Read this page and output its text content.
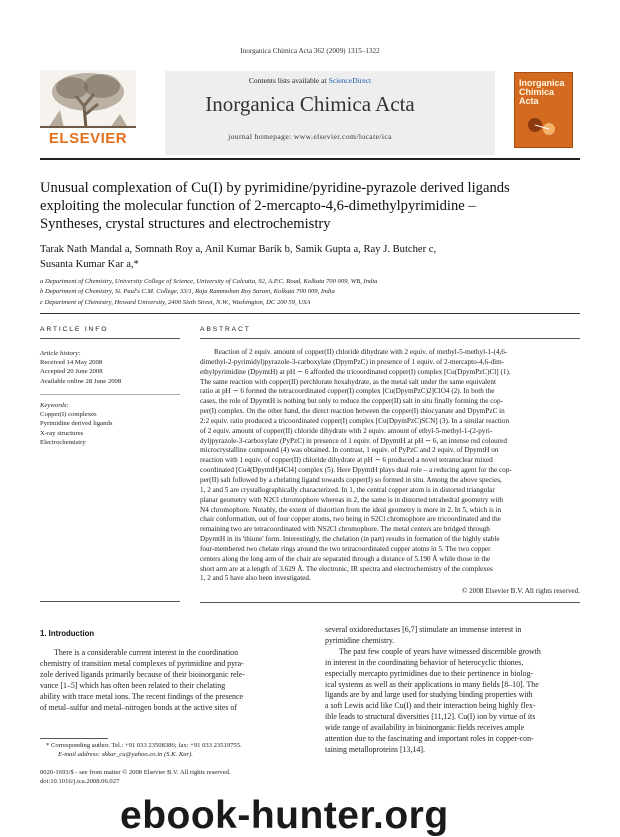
Inorganica Chimica Acta 362 (2009) 1315–1322
Contents lists available at ScienceDirect
Inorganica Chimica Acta
journal homepage: www.elsevier.com/locate/ica
ELSEVIER
Inorganica Chimica Acta
Unusual complexation of Cu(I) by pyrimidine/pyridine-pyrazole derived ligands
exploiting the molecular function of 2-mercapto-4,6-dimethylpyrimidine –
Syntheses, crystal structures and electrochemistry
Tarak Nath Mandal a, Somnath Roy a, Anil Kumar Barik b, Samik Gupta a, Ray J. Butcher c,
Susanta Kumar Kar a,*
a Department of Chemistry, University College of Science, University of Calcutta, 92, A.P.C. Road, Kolkata 700 009, WB, India
b Department of Chemistry, St. Paul's C.M. College, 33/1, Raja Rammohan Roy Sarani, Kolkata 700 009, India
c Department of Chemistry, Howard University, 2400 Sixth Street, N.W., Washington, DC 200 59, USA
ARTICLE INFO	ABSTRACT
Article history:
Received 14 May 2008
Accepted 20 June 2008
Available online 28 June 2008
Keywords:
Copper(I) complexes
Pyrimidine derived ligands
X-ray structures
Electrochemistry
Reaction of 2 equiv. amount of copper(II) chloride dihydrate with 2 equiv. of methyl-5-methyl-1-(4,6-
dimethyl-2-pyrimidyl)pyrazole-3-carboxylate (DpymPzC) in presence of 1 equiv. of 2-mercapto-4,6-dim-
ethylpyrimidine (DpymtH) at pH ∼ 6 afforded the tricoordinated copper(I) complex [Cu(DpymPzC)Cl] (1).
The same reaction with copper(II) perchlorate hexahydrate, as the metal salt under the same equivalent
ratio at pH ∼ 6 formed the tetracoordinated copper(I) complex [Cu(DpymPzC)2]ClO4 (2). In both the
cases, the role of DpymtH is nothing but only to reduce the copper(II) salt in situ finally forming the cop-
per(I) complex. On the other hand, the direct reaction between the copper(I) thiocyanate and DpymPzC in
2:2 equiv. ratio produced a tricoordinated copper(I) complex [Cu(DpymPzC)SCN] (3). In a similar reaction
of 2 equiv. amount of copper(II) chloride dihydrate with 2 equiv. amount of ethyl-5-methyl-1-(2-pyri-
dyl)pyrazole-3-carboxylate (PyPzC) in presence of 1 equiv. of DpymtH at pH ∼ 6, an intense red coloured
microcrystalline compound (4) was obtained. In contrast, 1 equiv. of PyPzC and 2 equiv. of DpymtH on
reaction with 1 equiv. of copper(II) chloride dihydrate at pH ∼ 6 produced a novel tetranuclear mixed
coordinated [Cu4(DpymtH)4Cl4] complex (5). Here DpymtH plays dual role – a reducing agent for the cop-
per(II) salt followed by a chelating ligand towards copper(I) so formed in situ. Among the above species,
1, 2 and 5 are crystallographically characterized. In 1, the central copper atom is in distorted triangular
planar geometry with N2Cl chromophore whereas in 2, the same is in distorted tetrahedral geometry with
N4 chromophore. Notably, the extent of distortion from the ideal geometry is more in 2. In 5, which is in
chair conformation, out of four copper atoms, two being in S2Cl chromophore are tricoordinated and the
remaining two are tetracoordinated with NS2Cl chromophore. The metal centers are bridged through
DpymtH in its 'thione' form. Interestingly, the chelation (in part) results in formation of the highly stable
four-membered two chelate rings around the two tetracoordinated copper atoms in 5. The two copper
centers along the long arm of the chair are separated through a distance of 5.190 Å while those in the
short arm are at a length of 3.629 Å. The electronic, IR spectra and electrochemistry of the complexes
1, 2 and 5 have also been investigated.
© 2008 Elsevier B.V. All rights reserved.
1. Introduction
There is a considerable current interest in the coordination
chemistry of transition metal complexes of pyrimidine and pyra-
zole derived ligands primarily because of their bioinorganic rele-
vance [1–5] which has often been related to their chelating
ability with trace metal ions. The recent findings of the presence
of metal–sulfur and metal–nitrogen bonds at the active sites of
several oxidoreductases [6,7] stimulate an immense interest in
pyrimidine chemistry.
The past few couple of years have witnessed discernible growth
in interest in the coordinating behavior of heterocyclic thiones,
especially mercapto pyrimidines due to their pertinence in biolog-
ical systems as well as their applications in many fields [8–10]. The
ligands are by and large used for studying binding properties with
a soft Lewis acid like Cu(I) and their interaction being highly flex-
ible leads to structural diversities [11,12]. Cu(I) ion by virtue of its
wide range of availability in bioinorganic fields receives ample
attention due to the fascinating and important roles in copper-con-
taining metalloproteins [13,14].
* Corresponding author. Tel.: +91 033 23508386; fax: +91 033 23519755.
E-mail address: skkar_cu@yahoo.co.in (S.K. Kar).
0020-1693/$ - see front matter © 2008 Elsevier B.V. All rights reserved.
doi:10.1016/j.ica.2008.06.027
ebook-hunter.org
